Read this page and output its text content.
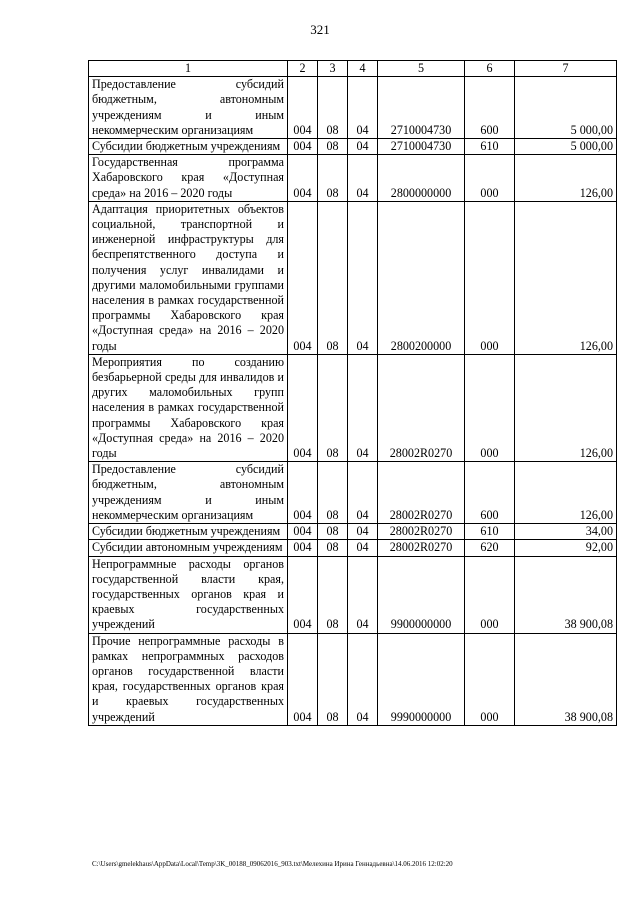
321
1	2	3	4	5	6	7
Предоставление субсидий бюджетным, автономным учреждениям и иным некоммерческим организациям	004	08	04	2710004730	600	5 000,00
Субсидии бюджетным учреждениям	004	08	04	2710004730	610	5 000,00
Государственная программа Хабаровского края «Доступная среда» на 2016 – 2020 годы	004	08	04	2800000000	000	126,00
Адаптация приоритетных объектов социальной, транспортной и инженерной инфраструктуры для беспрепятственного доступа и получения услуг инвалидами и другими маломобильными группами населения в рамках государственной программы Хабаровского края «Доступная среда» на 2016 – 2020 годы	004	08	04	2800200000	000	126,00
Мероприятия по созданию безбарьерной среды для инвалидов и других маломобильных групп населения в рамках государственной программы Хабаровского края «Доступная среда» на 2016 – 2020 годы	004	08	04	28002R0270	000	126,00
Предоставление субсидий бюджетным, автономным учреждениям и иным некоммерческим организациям	004	08	04	28002R0270	600	126,00
Субсидии бюджетным учреждениям	004	08	04	28002R0270	610	34,00
Субсидии автономным учреждениям	004	08	04	28002R0270	620	92,00
Непрограммные расходы органов государственной власти края, государственных органов края и краевых государственных учреждений	004	08	04	9900000000	000	38 900,08
Прочие непрограммные расходы в рамках непрограммных расходов органов государственной власти края, государственных органов края и краевых государственных учреждений	004	08	04	9990000000	000	38 900,08
C:\Users\gmelekhaus\AppData\Local\Temp\3K_00188_09062016_903.txt\Мелехина Ирина Геннадьевна\14.06.2016 12:02:20
